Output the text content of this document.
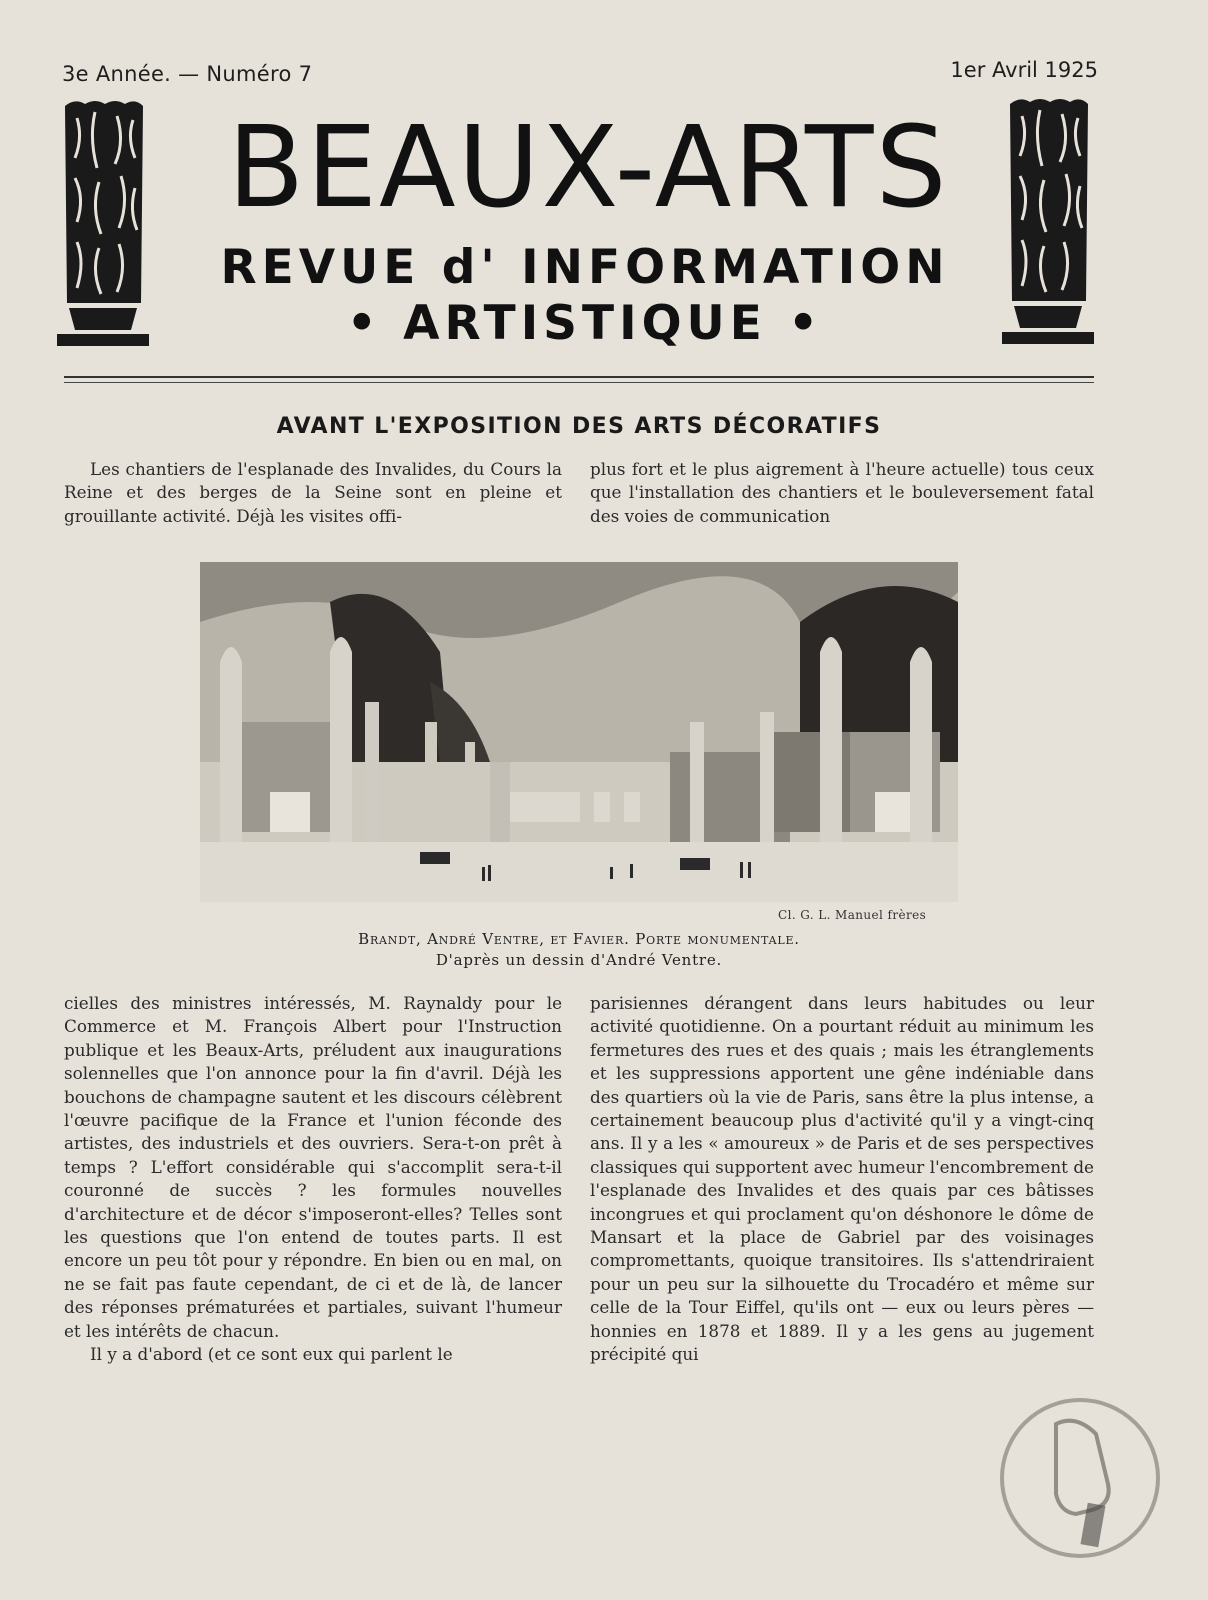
3e Année. — Numéro 7	1er Avril 1925
BEAUX-ARTS
REVUE d' INFORMATION
• ARTISTIQUE •
AVANT L'EXPOSITION DES ARTS DÉCORATIFS

Les chantiers de l'esplanade des Invalides, du Cours la Reine et des berges de la Seine sont en pleine et grouillante activité. Déjà les visites offi-

plus fort et le plus aigrement à l'heure actuelle) tous ceux que l'installation des chantiers et le bouleversement fatal des voies de communication

Cl. G. L. Manuel frères
Brandt, André Ventre, et Favier. Porte monumentale.
D'après un dessin d'André Ventre.

cielles des ministres intéressés, M. Raynaldy pour le Commerce et M. François Albert pour l'Instruction publique et les Beaux-Arts, préludent aux inaugurations solennelles que l'on annonce pour la fin d'avril. Déjà les bouchons de champagne sautent et les discours célèbrent l'œuvre pacifique de la France et l'union féconde des artistes, des industriels et des ouvriers. Sera-t-on prêt à temps ? L'effort considérable qui s'accomplit sera-t-il couronné de succès ? les formules nouvelles d'architecture et de décor s'imposeront-elles? Telles sont les questions que l'on entend de toutes parts. Il est encore un peu tôt pour y répondre. En bien ou en mal, on ne se fait pas faute cependant, de ci et de là, de lancer des réponses prématurées et partiales, suivant l'humeur et les intérêts de chacun.

Il y a d'abord (et ce sont eux qui parlent le

parisiennes dérangent dans leurs habitudes ou leur activité quotidienne. On a pourtant réduit au minimum les fermetures des rues et des quais ; mais les étranglements et les suppressions apportent une gêne indéniable dans des quartiers où la vie de Paris, sans être la plus intense, a certainement beaucoup plus d'activité qu'il y a vingt-cinq ans. Il y a les « amoureux » de Paris et de ses perspectives classiques qui supportent avec humeur l'encombrement de l'esplanade des Invalides et des quais par ces bâtisses incongrues et qui proclament qu'on déshonore le dôme de Mansart et la place de Gabriel par des voisinages compromettants, quoique transitoires. Ils s'attendriraient pour un peu sur la silhouette du Trocadéro et même sur celle de la Tour Eiffel, qu'ils ont — eux ou leurs pères — honnies en 1878 et 1889. Il y a les gens au jugement précipité qui
